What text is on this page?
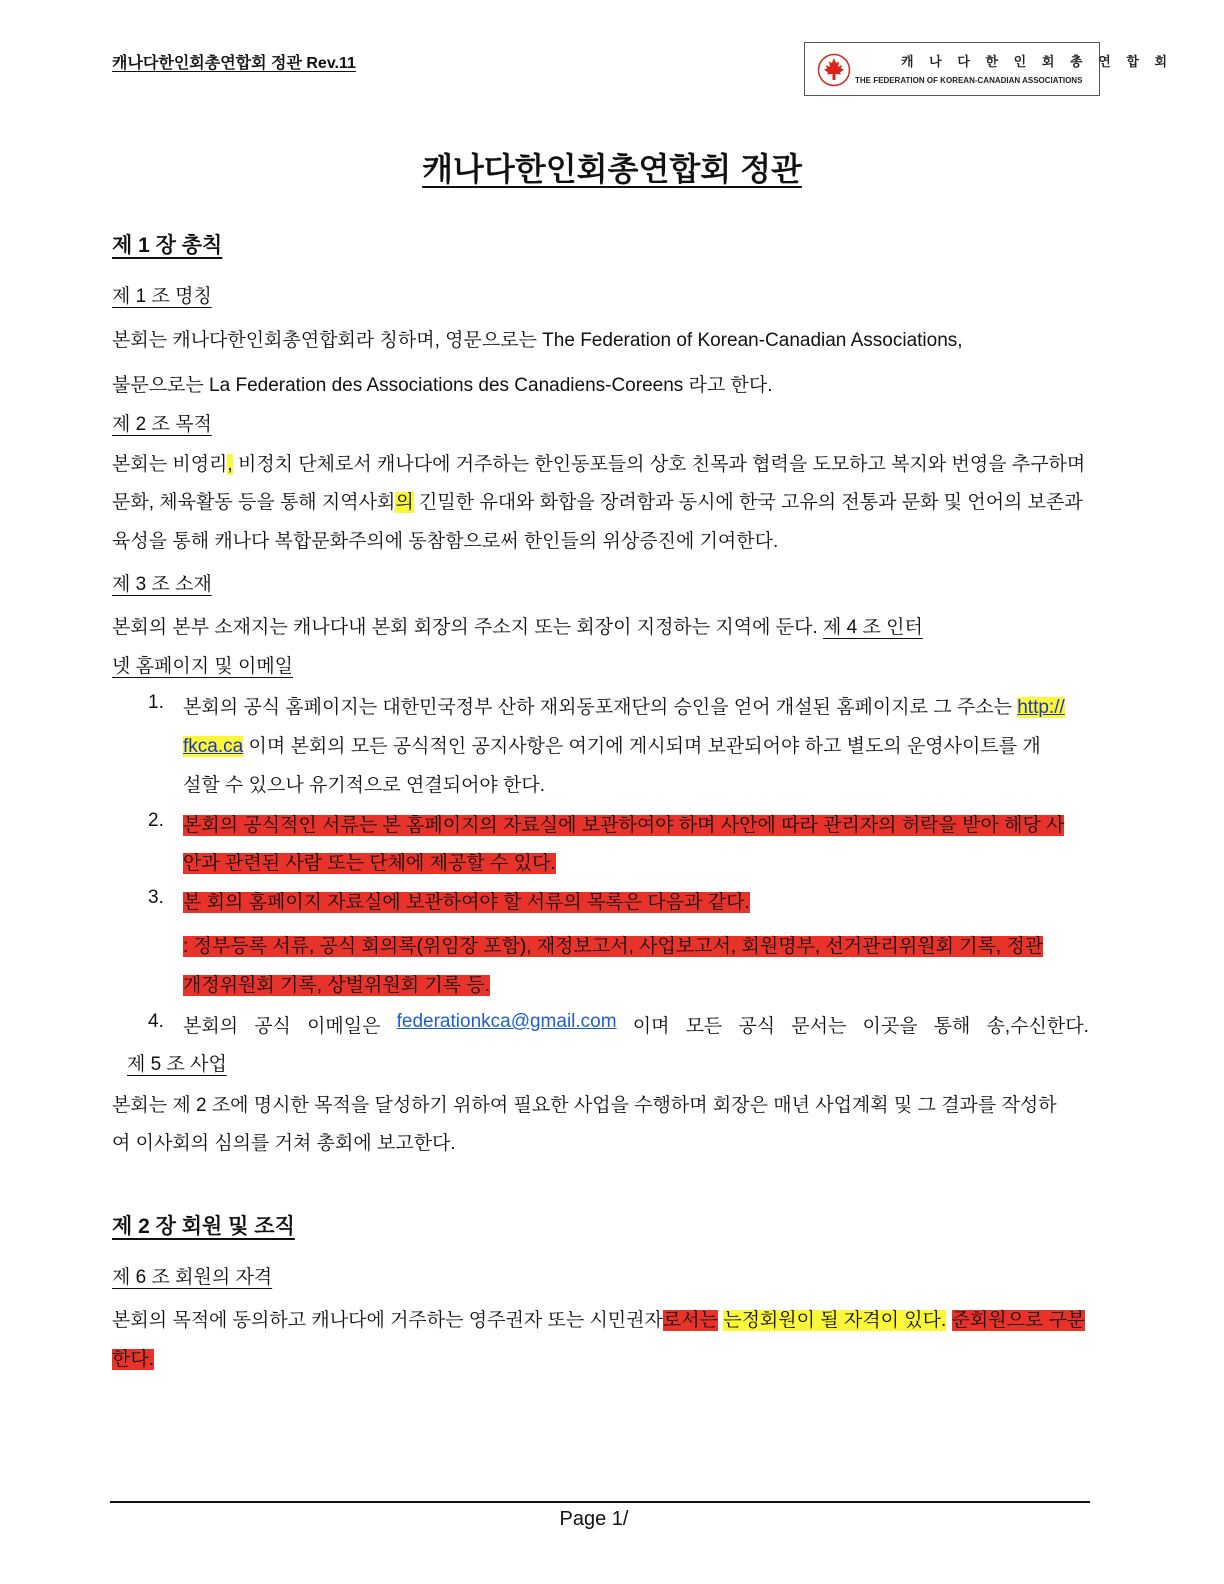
캐나다한인회총연합회 정관 Rev.11	캐 나 다 한 인 회 총 연 합 회
THE FEDERATION OF KOREAN-CANADIAN ASSOCIATIONS
캐나다한인회총연합회 정관
제 1 장 총칙
제 1 조 명칭
본회는 캐나다한인회총연합회라 칭하며, 영문으로는 The Federation of Korean-Canadian Associations,
불문으로는 La Federation des Associations des Canadiens-Coreens 라고 한다.
제 2 조 목적
본회는 비영리, 비정치 단체로서 캐나다에 거주하는 한인동포들의 상호 친목과 협력을 도모하고 복지와 번영을 추구하며
문화, 체육활동 등을 통해 지역사회의 긴밀한 유대와 화합을 장려함과 동시에 한국 고유의 전통과 문화 및 언어의 보존과
육성을 통해 캐나다 복합문화주의에 동참함으로써 한인들의 위상증진에 기여한다.
제 3 조 소재
본회의 본부 소재지는 캐나다내 본회 회장의 주소지 또는 회장이 지정하는 지역에 둔다. 제 4 조 인터
넷 홈페이지 및 이메일
1. 본회의 공식 홈페이지는 대한민국정부 산하 재외동포재단의 승인을 얻어 개설된 홈페이지로 그 주소는 http://
fkca.ca 이며 본회의 모든 공식적인 공지사항은 여기에 게시되며 보관되어야 하고 별도의 운영사이트를 개
설할 수 있으나 유기적으로 연결되어야 한다.
2. 본회의 공식적인 서류는 본 홈페이지의 자료실에 보관하여야 하며 사안에 따라 관리자의 허락을 받아 해당 사
안과 관련된 사람 또는 단체에 제공할 수 있다.
3. 본 회의 홈페이지 자료실에 보관하여야 할 서류의 목록은 다음과 같다.
: 정부등록 서류, 공식 회의록(위임장 포함), 재정보고서, 사업보고서, 회원명부, 선거관리위원회 기록, 정관
개정위원회 기록, 상벌위원회 기록 등.
4. 본회의 공식 이메일은 federationkca@gmail.com 이며 모든 공식 문서는 이곳을 통해 송,수신한다.
제 5 조 사업
본회는 제 2 조에 명시한 목적을 달성하기 위하여 필요한 사업을 수행하며 회장은 매년 사업계획 및 그 결과를 작성하
여 이사회의 심의를 거쳐 총회에 보고한다.
제 2 장 회원 및 조직
제 6 조 회원의 자격
본회의 목적에 동의하고 캐나다에 거주하는 영주권자 또는 시민권자로서는 는정회원이 될 자격이 있다. 준회원으로 구분
한다.
Page 1/
